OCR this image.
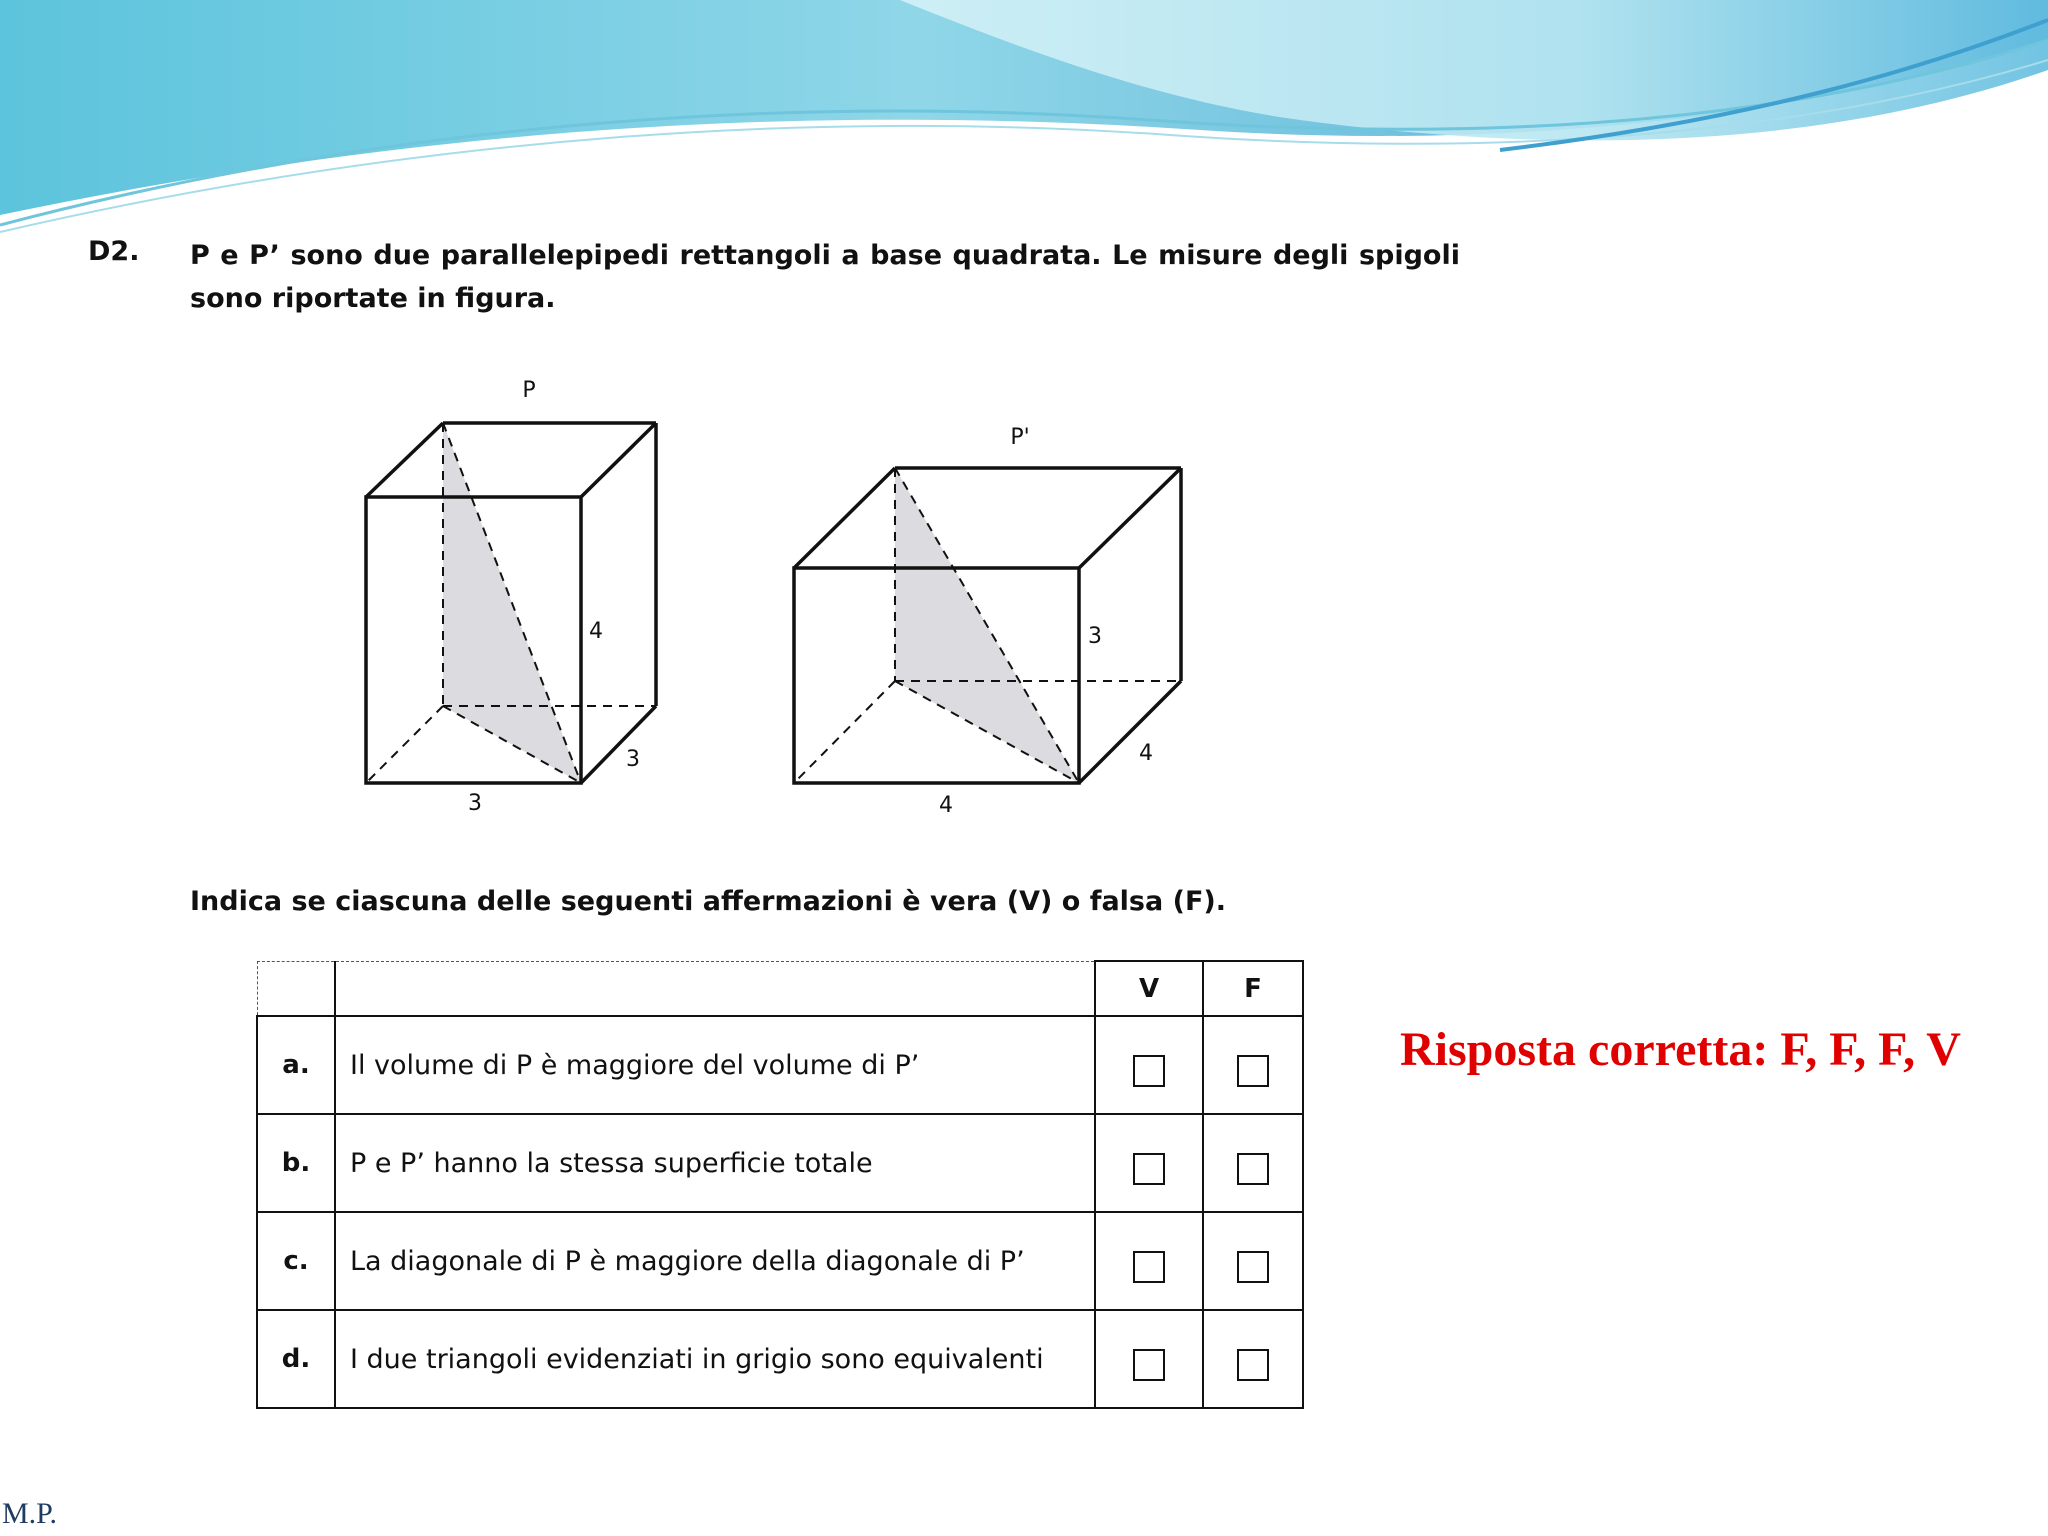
D2. P e P’ sono due parallelepipedi rettangoli a base quadrata. Le misure degli spigoli sono riportate in figura.
P
4
3
3
P'
3
4
4
Indica se ciascuna delle seguenti affermazioni è vera (V) o falsa (F).
		V	F
a.	Il volume di P è maggiore del volume di P’		
b.	P e P’ hanno la stessa superficie totale		
c.	La diagonale di P è maggiore della diagonale di P’		
d.	I due triangoli evidenziati in grigio sono equivalenti		
Risposta corretta: F, F, F, V
M.P.
